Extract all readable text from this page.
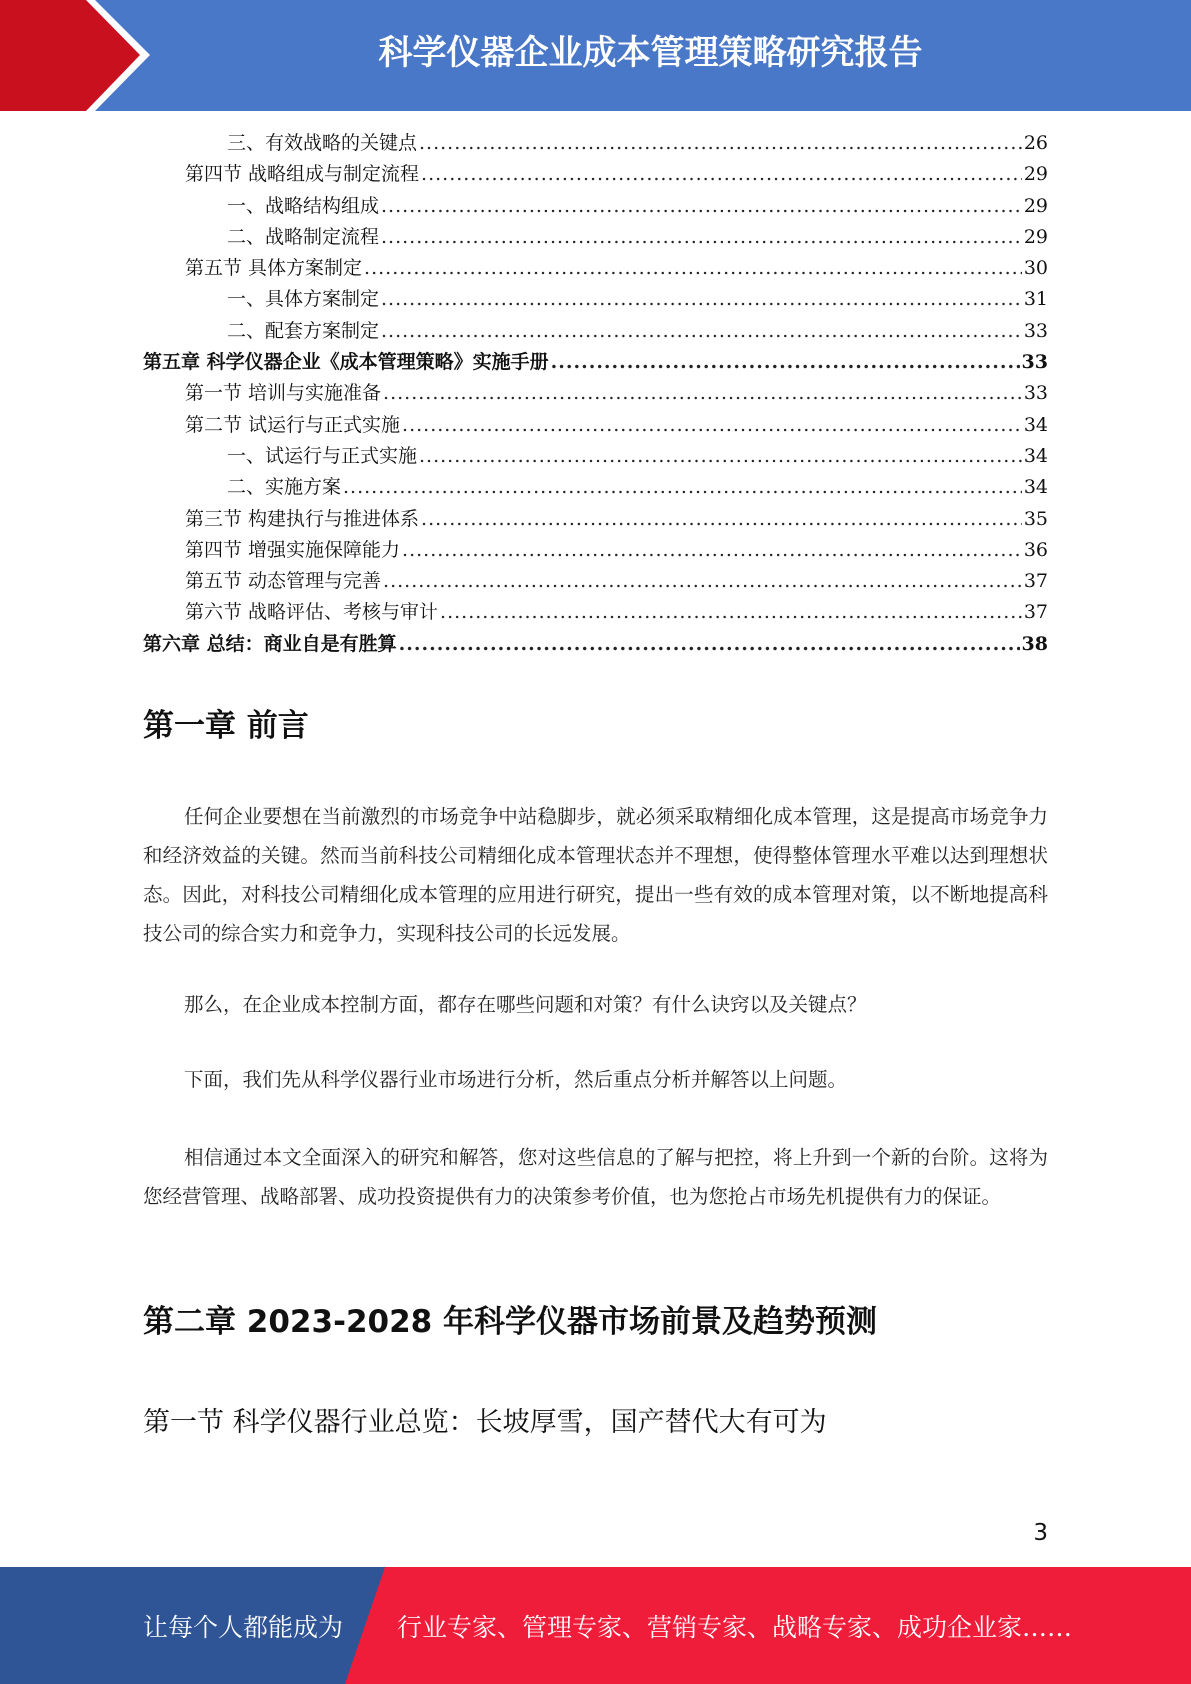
科学仪器企业成本管理策略研究报告
三、有效战略的关键点 .....	26
第四节 战略组成与制定流程 .....	29
一、战略结构组成 .....	29
二、战略制定流程 .....	29
第五节 具体方案制定 .....	30
一、具体方案制定 .....	31
二、配套方案制定 .....	33
第五章 科学仪器企业《成本管理策略》实施手册 .....	33
第一节 培训与实施准备 .....	33
第二节 试运行与正式实施 .....	34
一、试运行与正式实施 .....	34
二、实施方案 .....	34
第三节 构建执行与推进体系 .....	35
第四节 增强实施保障能力 .....	36
第五节 动态管理与完善 .....	37
第六节 战略评估、考核与审计 .....	37
第六章 总结：商业自是有胜算 .....	38
第一章 前言

任何企业要想在当前激烈的市场竞争中站稳脚步，就必须采取精细化成本管理，这是提高市场竞争力和经济效益的关键。然而当前科技公司精细化成本管理状态并不理想，使得整体管理水平难以达到理想状态。因此，对科技公司精细化成本管理的应用进行研究，提出一些有效的成本管理对策，以不断地提高科技公司的综合实力和竞争力，实现科技公司的长远发展。

那么，在企业成本控制方面，都存在哪些问题和对策？有什么诀窍以及关键点？

下面，我们先从科学仪器行业市场进行分析，然后重点分析并解答以上问题。

相信通过本文全面深入的研究和解答，您对这些信息的了解与把控，将上升到一个新的台阶。这将为您经营管理、战略部署、成功投资提供有力的决策参考价值，也为您抢占市场先机提供有力的保证。

第二章 2023-2028 年科学仪器市场前景及趋势预测
第一节 科学仪器行业总览：长坡厚雪，国产替代大有可为
3
让每个人都能成为 行业专家、管理专家、营销专家、战略专家、成功企业家……
